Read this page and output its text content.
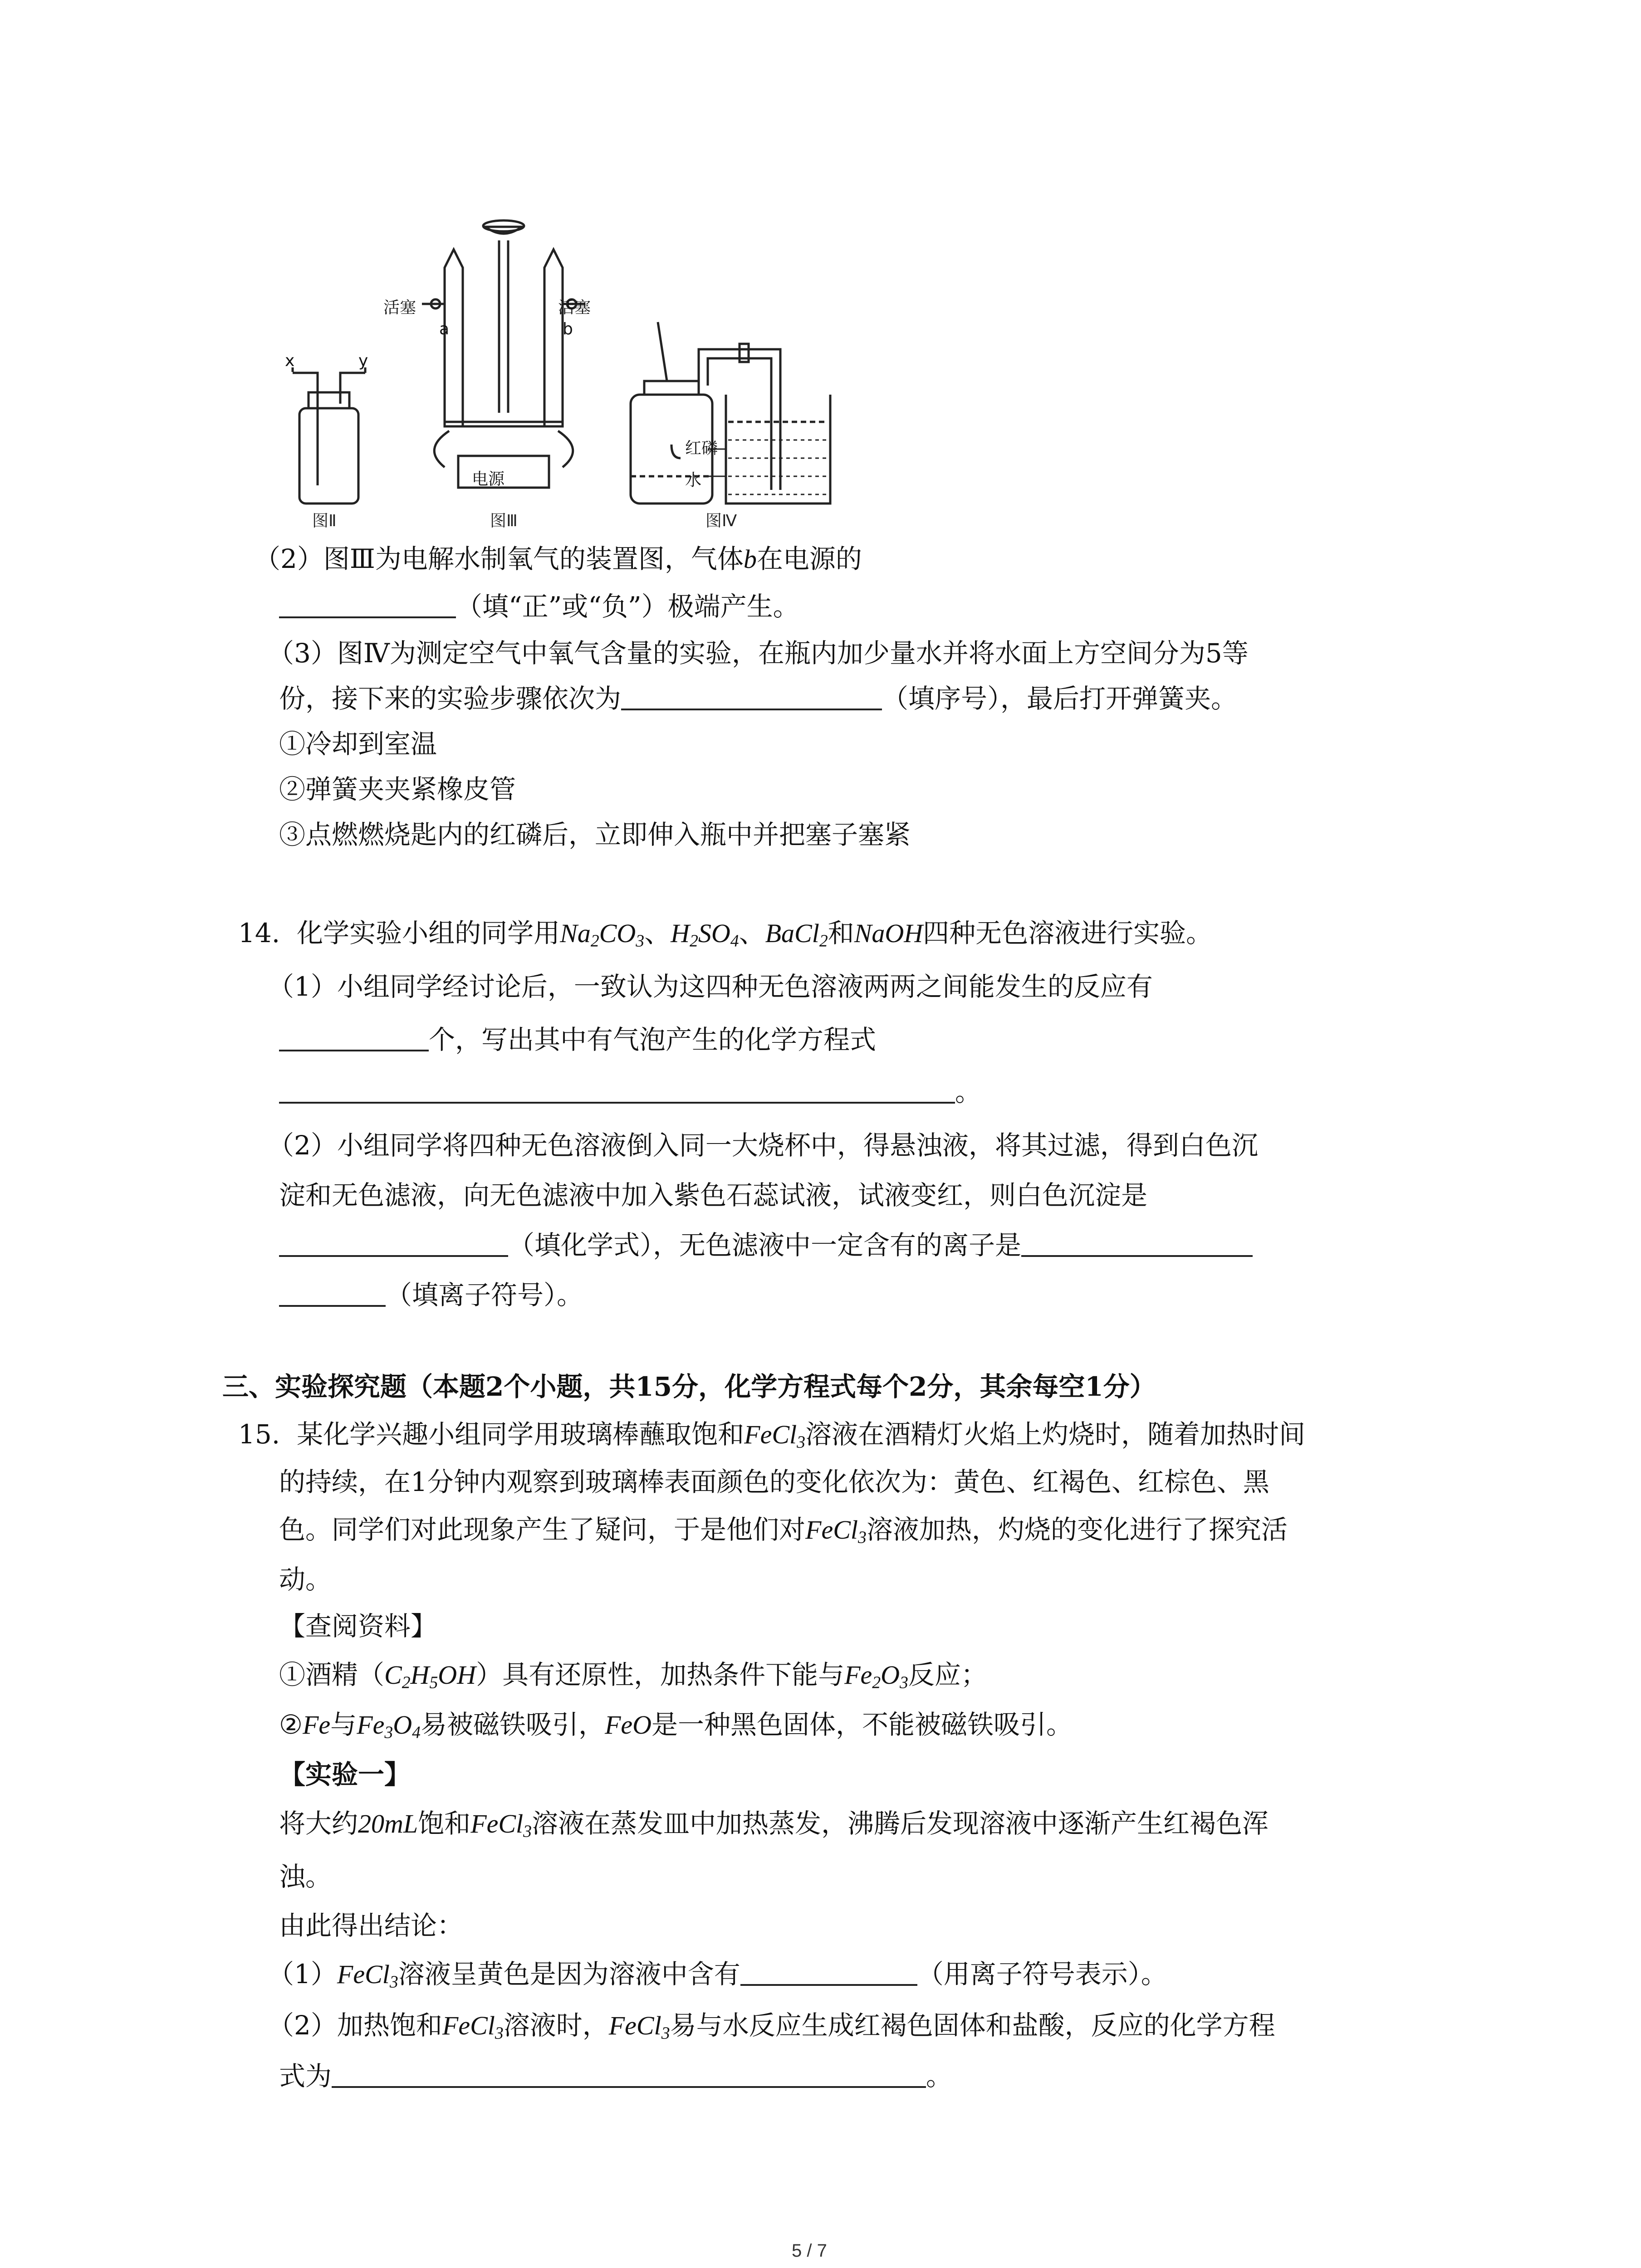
x	y
图Ⅱ
活塞	活塞
a	b
电源
图Ⅲ
红磷
水
图Ⅳ
（2）图Ⅲ为电解水制氧气的装置图，气体b在电源的
（填“正”或“负”）极端产生。
（3）图Ⅳ为测定空气中氧气含量的实验，在瓶内加少量水并将水面上方空间分为5等
份，接下来的实验步骤依次为	（填序号），最后打开弹簧夹。
①冷却到室温
②弹簧夹夹紧橡皮管
③点燃燃烧匙内的红磷后，立即伸入瓶中并把塞子塞紧
14. 化学实验小组的同学用$Na_2CO_3$、$H_2SO_4$、BaCl$_2$和NaOH四种无色溶液进行实验。
（1）小组同学经讨论后，一致认为这四种无色溶液两两之间能发生的反应有
个，写出其中有气泡产生的化学方程式
。
（2）小组同学将四种无色溶液倒入同一大烧杯中，得悬浊液，将其过滤，得到白色沉
淀和无色滤液，向无色滤液中加入紫色石蕊试液，试液变红，则白色沉淀是
（填化学式），无色滤液中一定含有的离子是
（填离子符号）。
三、实验探究题（本题2个小题，共15分，化学方程式每个2分，其余每空1分）
15. 某化学兴趣小组同学用玻璃棒蘸取饱和FeCl$_3$溶液在酒精灯火焰上灼烧时，随着加热时间
的持续，在1分钟内观察到玻璃棒表面颜色的变化依次为：黄色、红褐色、红棕色、黑
色。同学们对此现象产生了疑问，于是他们对FeCl$_3$溶液加热，灼烧的变化进行了探究活
动。
【查阅资料】
①酒精$(C_2H_5OH)$具有还原性，加热条件下能与$Fe_2O_3$反应；
②Fe与$Fe_3O_4$易被磁铁吸引，FeO是一种黑色固体，不能被磁铁吸引。
【实验一】
将大约20mL饱和FeCl$_3$溶液在蒸发皿中加热蒸发，沸腾后发现溶液中逐渐产生红褐色浑
浊。
由此得出结论：
（1）FeCl$_3$溶液呈黄色是因为溶液中含有	（用离子符号表示）。
（2）加热饱和FeCl$_3$溶液时，FeCl$_3$易与水反应生成红褐色固体和盐酸，反应的化学方程
式为	。
5 / 7
